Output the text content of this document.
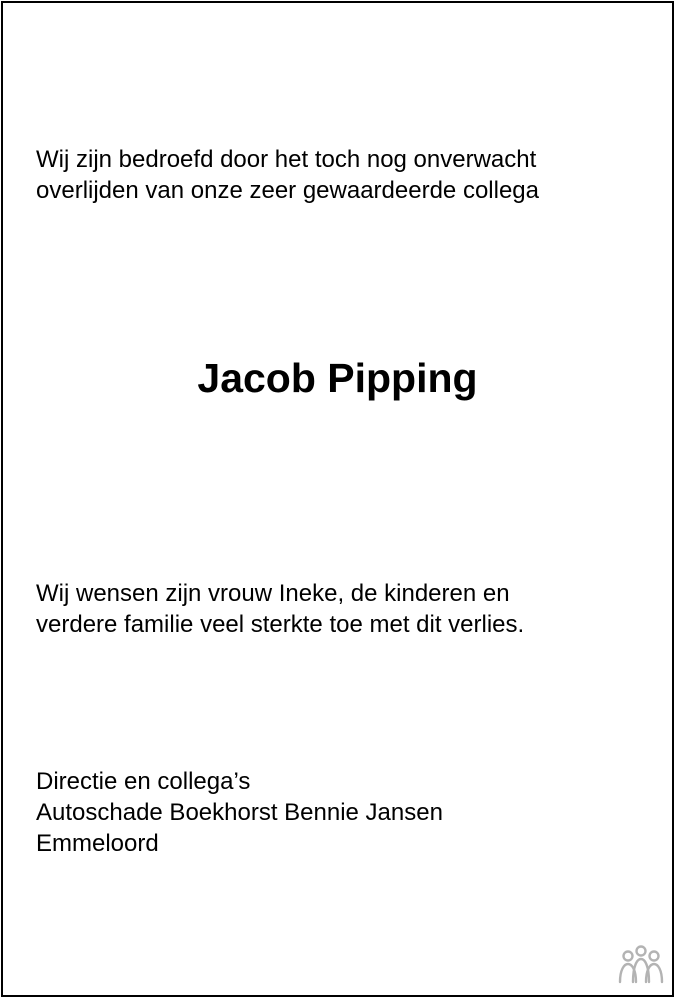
Wij zijn bedroefd door het toch nog onverwacht
overlijden van onze zeer gewaardeerde collega
Jacob Pipping
Wij wensen zijn vrouw Ineke, de kinderen en
verdere familie veel sterkte toe met dit verlies.
Directie en collega’s
Autoschade Boekhorst Bennie Jansen
Emmeloord
